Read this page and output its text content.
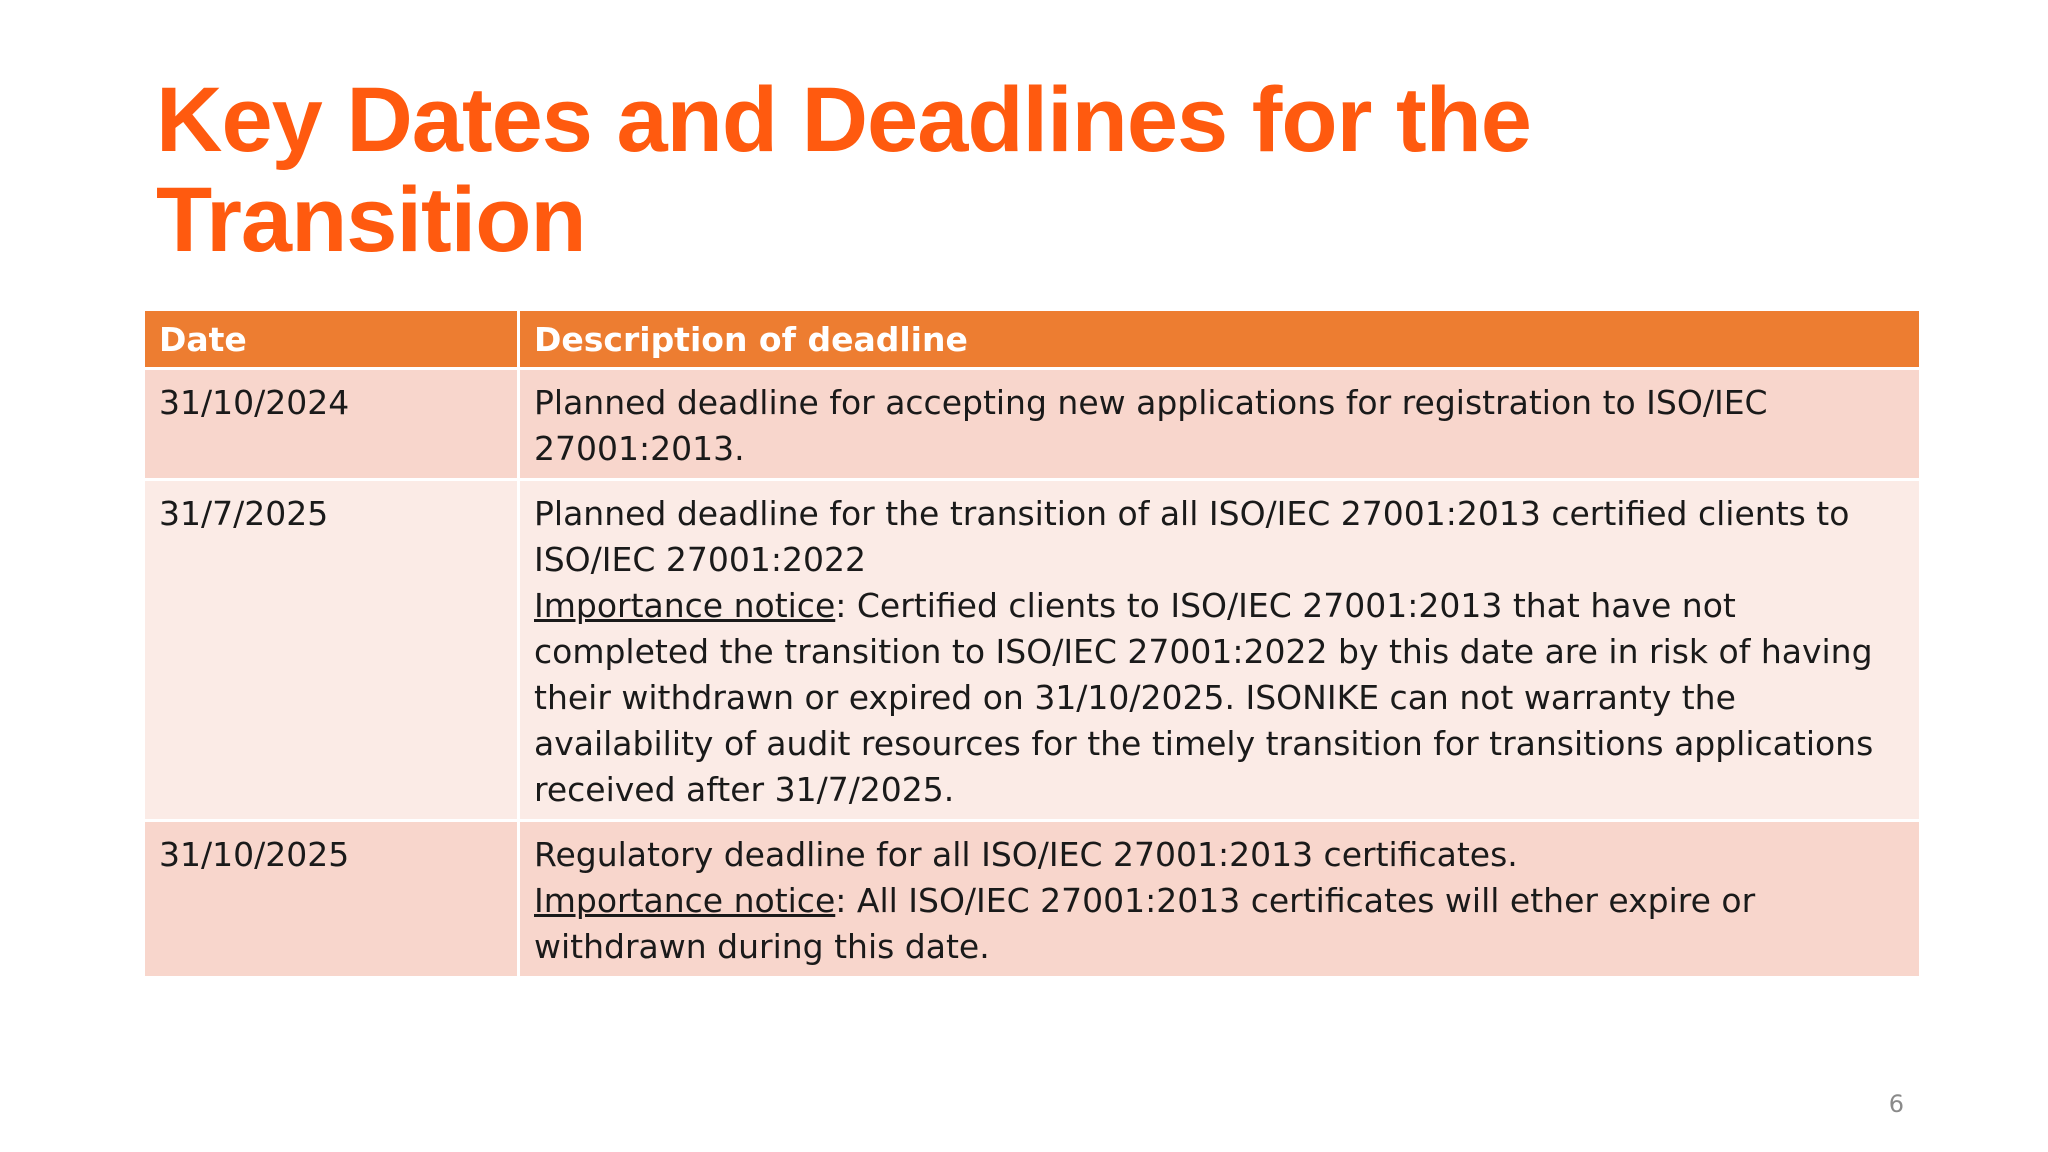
Key Dates and Deadlines for the Transition
Date	Description of deadline
31/10/2024	Planned deadline for accepting new applications for registration to ISO/IEC 27001:2013.
31/7/2025	Planned deadline for the transition of all ISO/IEC 27001:2013 certified clients to ISO/IEC 27001:2022
Importance notice: Certified clients to ISO/IEC 27001:2013 that have not completed the transition to ISO/IEC 27001:2022 by this date are in risk of having their withdrawn or expired on 31/10/2025. ISONIKE can not warranty the availability of audit resources for the timely transition for transitions applications received after 31/7/2025.

31/10/2025	Regulatory deadline for all ISO/IEC 27001:2013 certificates.
Importance notice: All ISO/IEC 27001:2013 certificates will ether expire or withdrawn during this date.
6
